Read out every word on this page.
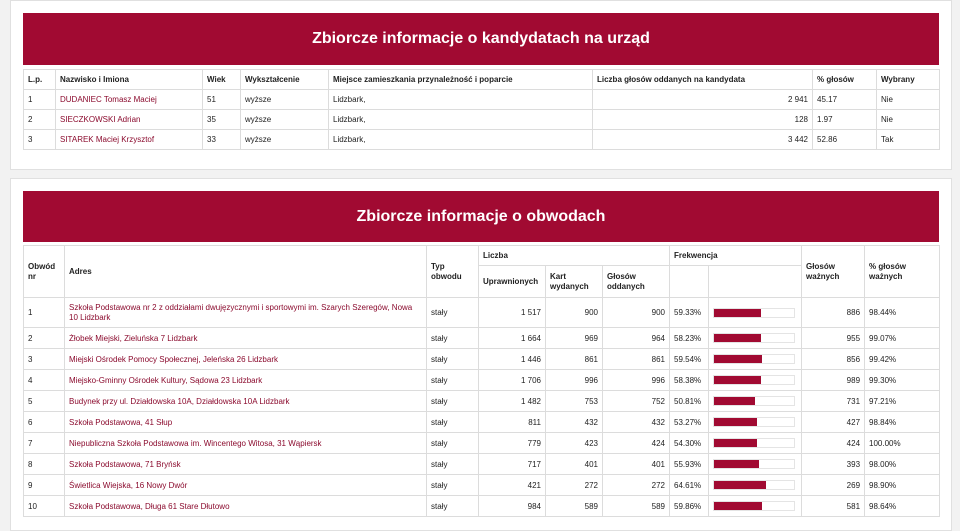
Zbiorcze informacje o kandydatach na urząd
L.p.	Nazwisko i Imiona	Wiek	Wykształcenie	Miejsce zamieszkania przynależność i poparcie	Liczba głosów oddanych na kandydata	% głosów	Wybrany
1	DUDANIEC Tomasz Maciej	51	wyższe	Lidzbark,	2 941	45.17	Nie
2	SIECZKOWSKI Adrian	35	wyższe	Lidzbark,	128	1.97	Nie
3	SITAREK Maciej Krzysztof	33	wyższe	Lidzbark,	3 442	52.86	Tak
Zbiorcze informacje o obwodach
Obwód nr	Adres	Typ obwodu	Liczba			Frekwencja		Głosów ważnych	% głosów ważnych
			Uprawnionych	Kart wydanych	Głosów oddanych				
1	Szkoła Podstawowa nr 2 z oddziałami dwujęzycznymi i sportowymi im. Szarych Szeregów, Nowa 10 Lidzbark	stały	1 517	900	900	59.33%		886	98.44%
2	Żłobek Miejski, Zieluńska 7 Lidzbark	stały	1 664	969	964	58.23%		955	99.07%
3	Miejski Ośrodek Pomocy Społecznej, Jeleńska 26 Lidzbark	stały	1 446	861	861	59.54%		856	99.42%
4	Miejsko-Gminny Ośrodek Kultury, Sądowa 23 Lidzbark	stały	1 706	996	996	58.38%		989	99.30%
5	Budynek przy ul. Działdowska 10A, Działdowska 10A Lidzbark	stały	1 482	753	752	50.81%		731	97.21%
6	Szkoła Podstawowa, 41 Słup	stały	811	432	432	53.27%		427	98.84%
7	Niepubliczna Szkoła Podstawowa im. Wincentego Witosa, 31 Wąpiersk	stały	779	423	424	54.30%		424	100.00%
8	Szkoła Podstawowa, 71 Bryńsk	stały	717	401	401	55.93%		393	98.00%
9	Świetlica Wiejska, 16 Nowy Dwór	stały	421	272	272	64.61%		269	98.90%
10	Szkoła Podstawowa, Długa 61 Stare Dłutowo	stały	984	589	589	59.86%		581	98.64%
